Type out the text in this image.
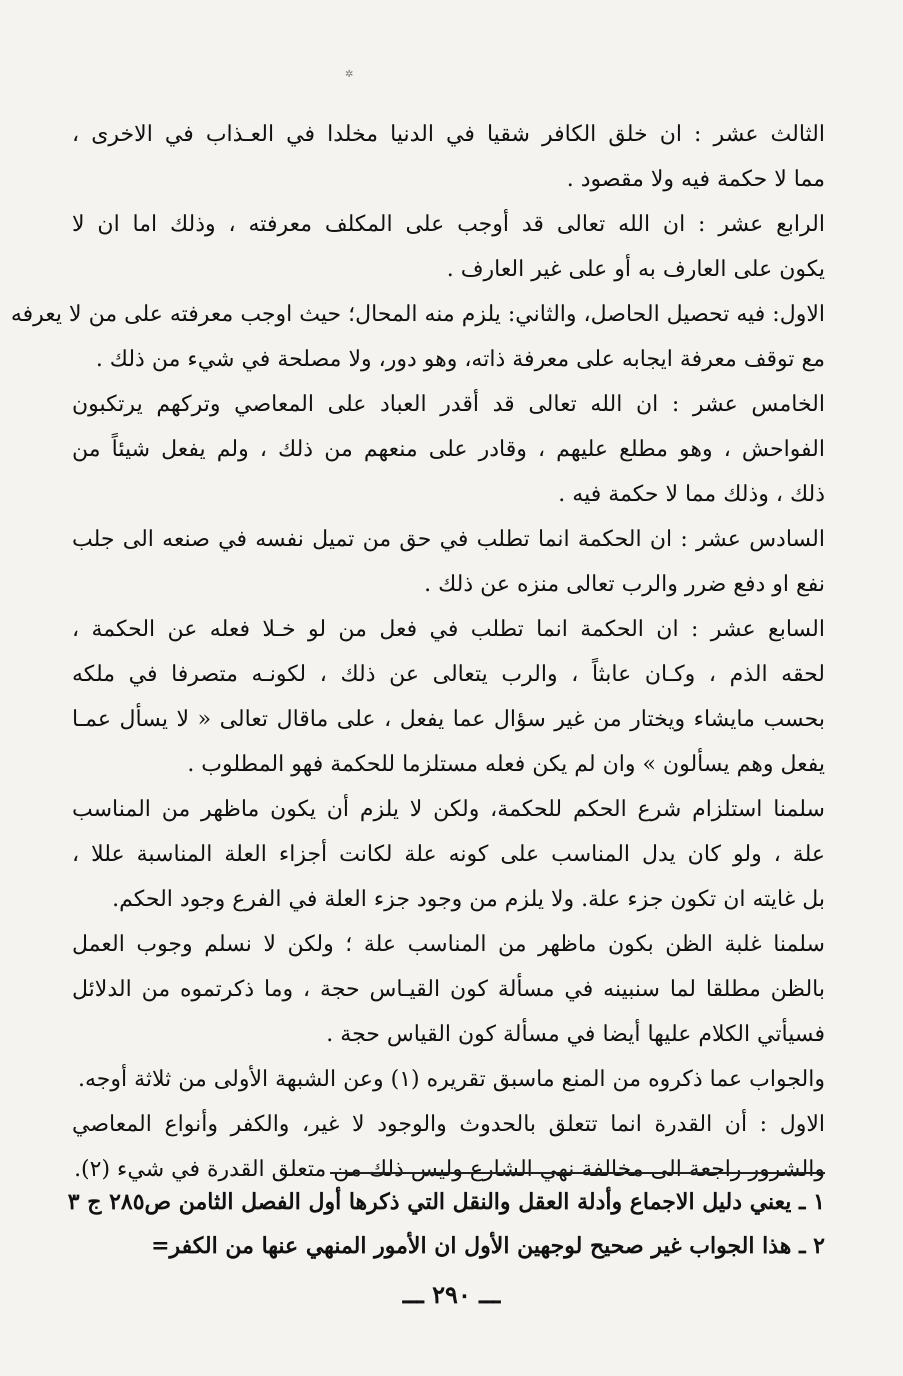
✲
الثالث عشر : ان خلق الكافر شقيا في الدنيا مخلدا في العـذاب في الاخرى ،
مما لا حكمة فيه ولا مقصود .
الرابع عشر : ان الله تعالى قد أوجب على المكلف معرفته ، وذلك اما ان لا
يكون على العارف به أو على غير العارف .
الاول: فيه تحصيل الحاصل، والثاني: يلزم منه المحال؛ حيث اوجب معرفته على من لا يعرفه
مع توقف معرفة ايجابه على معرفة ذاته، وهو دور، ولا مصلحة في شيء من ذلك .
الخامس عشر : ان الله تعالى قد أقدر العباد على المعاصي وتركهم يرتكبون
الفواحش ، وهو مطلع عليهم ، وقادر على منعهم من ذلك ، ولم يفعل شيئاً من
ذلك ، وذلك مما لا حكمة فيه .
السادس عشر : ان الحكمة انما تطلب في حق من تميل نفسه في صنعه الى جلب
نفع او دفع ضرر والرب تعالى منزه عن ذلك .
السابع عشر : ان الحكمة انما تطلب في فعل من لو خـلا فعله عن الحكمة ،
لحقه الذم ، وكـان عابثاً ، والرب يتعالى عن ذلك ، لكونـه متصرفا في ملكه
بحسب مايشاء ويختار من غير سؤال عما يفعل ، على ماقال تعالى « لا يسأل عمـا
يفعل وهم يسألون » وان لم يكن فعله مستلزما للحكمة فهو المطلوب .
سلمنا استلزام شرع الحكم للحكمة، ولكن لا يلزم أن يكون ماظهر من المناسب
علة ، ولو كان يدل المناسب على كونه علة لكانت أجزاء العلة المناسبة عللا ،
بل غايته ان تكون جزء علة. ولا يلزم من وجود جزء العلة في الفرع وجود الحكم.
سلمنا غلبة الظن بكون ماظهر من المناسب علة ؛ ولكن لا نسلم وجوب العمل
بالظن مطلقا لما سنبينه في مسألة كون القيـاس حجة ، وما ذكرتموه من الدلائل
فسيأتي الكلام عليها أيضا في مسألة كون القياس حجة .
والجواب عما ذكروه من المنع ماسبق تقريره (١) وعن الشبهة الأولى من ثلاثة أوجه.
الاول : أن القدرة انما تتعلق بالحدوث والوجود لا غير، والكفر وأنواع المعاصي
والشرور راجعة الى مخالفة نهي الشارع وليس ذلك من متعلق القدرة في شيء (٢).
١ ـ يعني دليل الاجماع وأدلة العقل والنقل التي ذكرها أول الفصل الثامن ص٢٨٥ ج ٣
٢ ـ هذا الجواب غير صحيح لوجهين الأول ان الأمور المنهي عنها من الكفر=
ـــ ٢٩٠ ـــ
